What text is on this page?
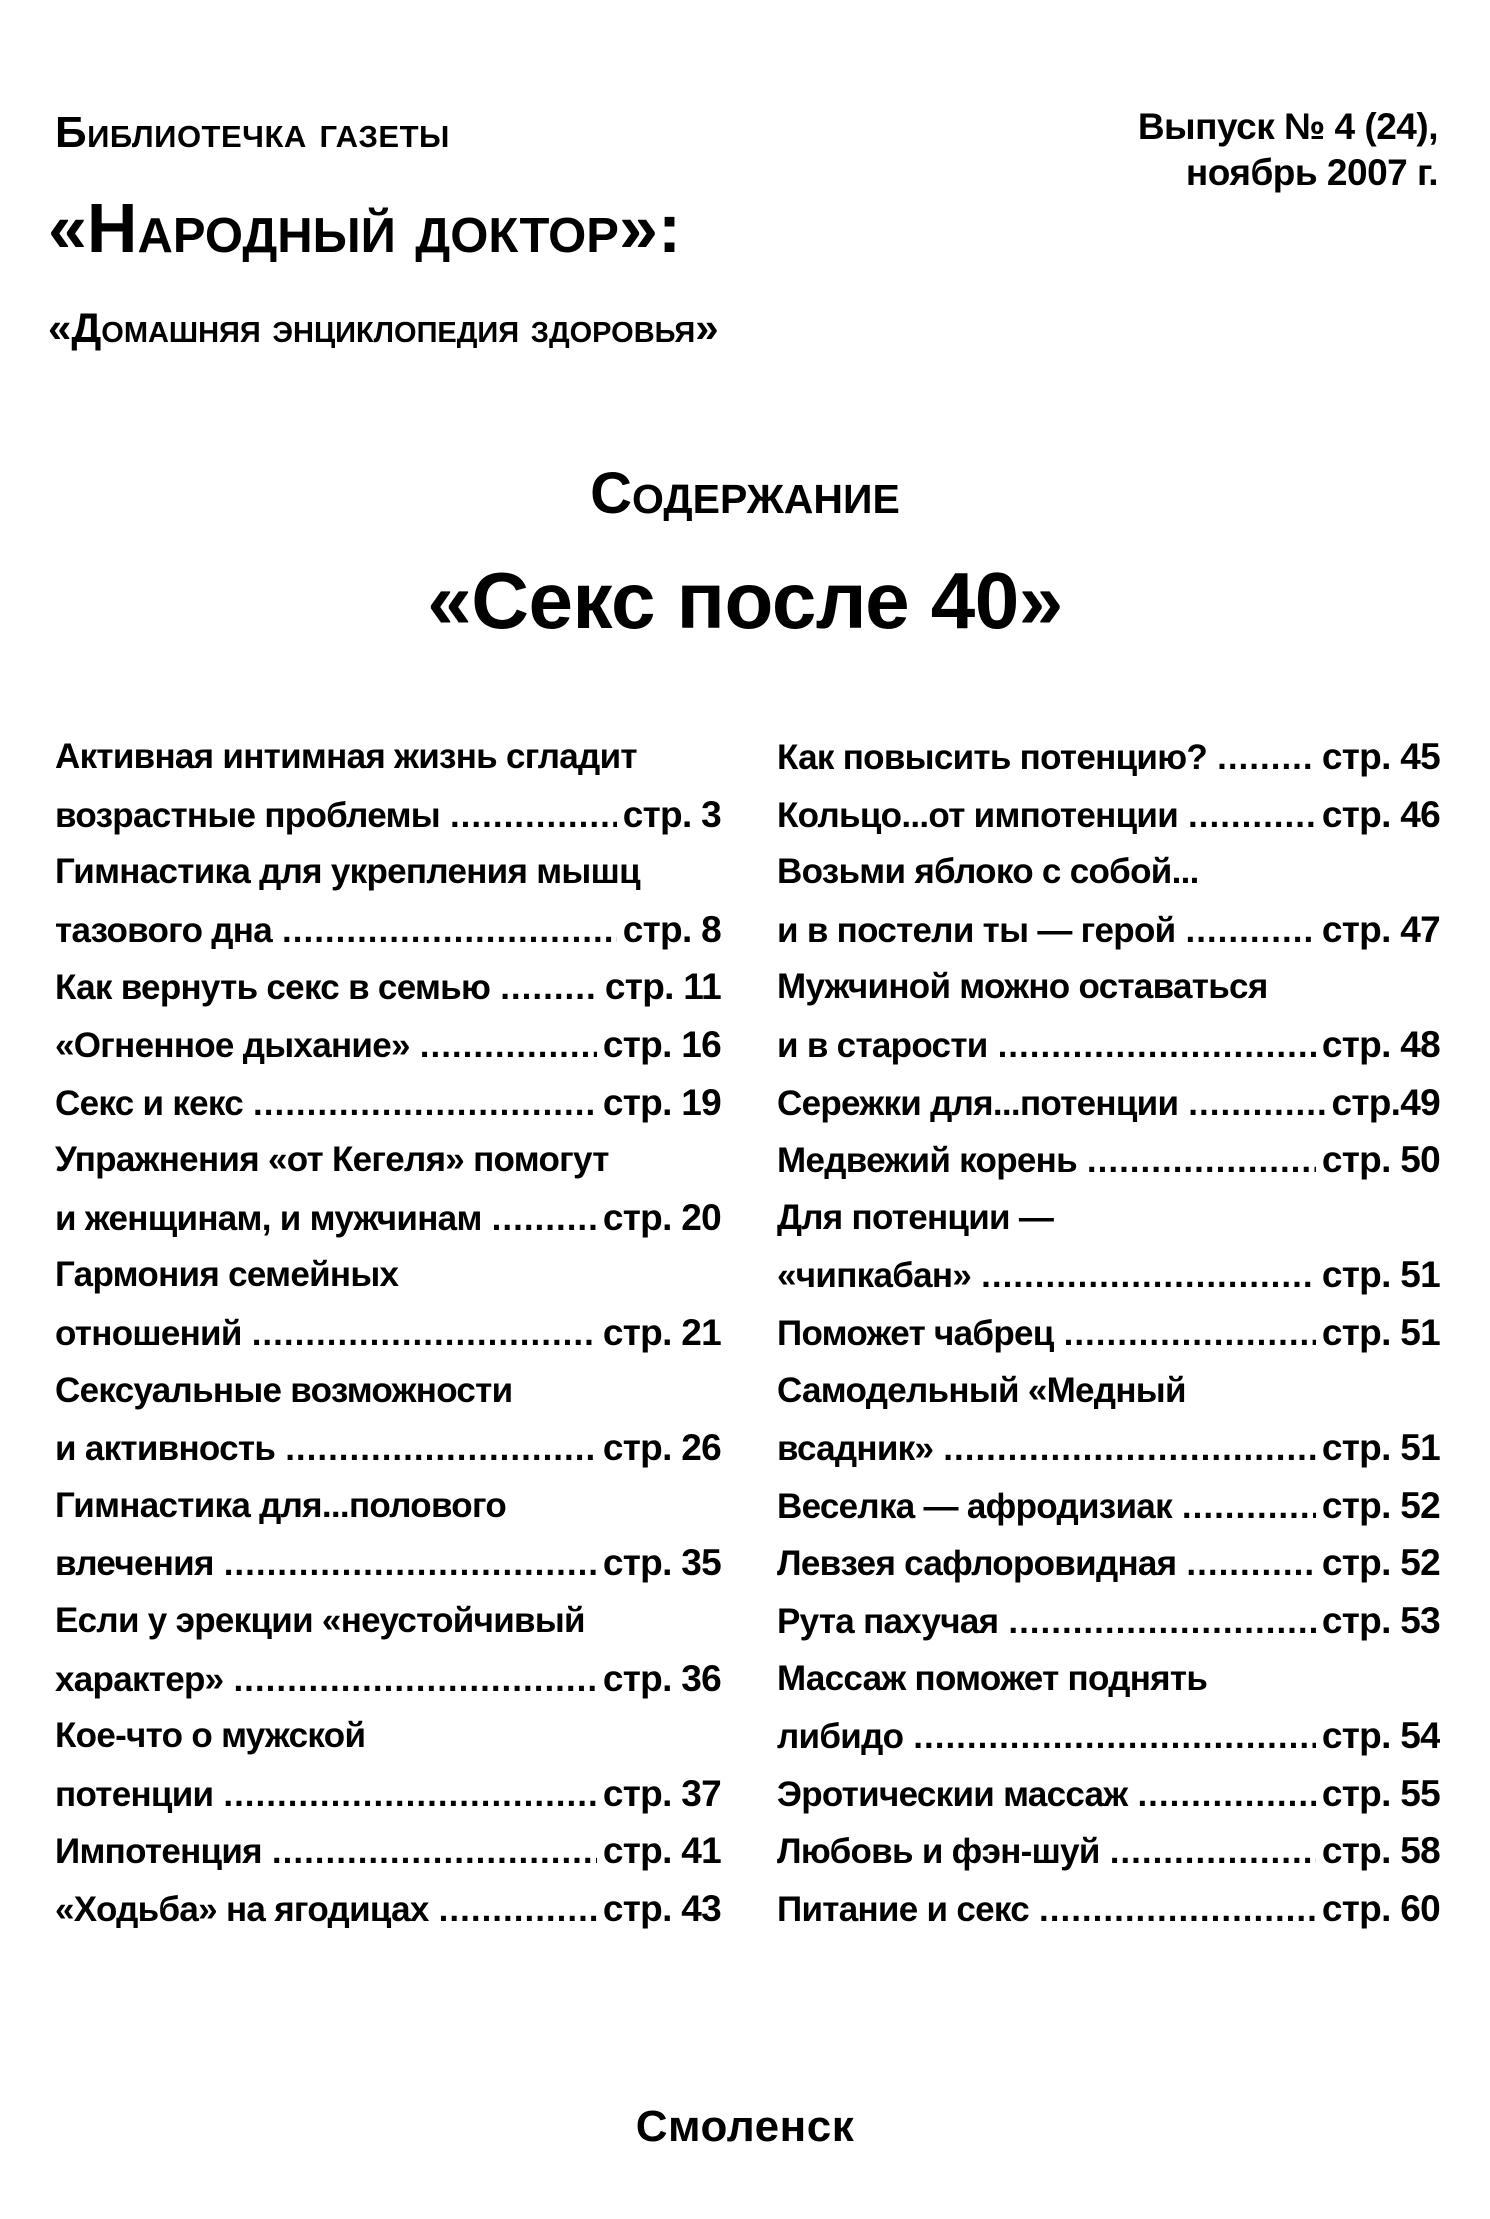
Библиотечка газеты
«Народный доктор»:
«Домашняя энциклопедия здоровья»
Выпуск № 4 (24),
ноябрь 2007 г.
Содержание
«Секс после 40»
Активная интимная жизнь сгладит
возрастные проблемы .....	стр. 3
Гимнастика для укрепления мышц
тазового дна .....	стр. 8
Как вернуть секс в семью .....	стр. 11
«Огненное дыхание» .....	стр. 16
Секс и кекс .....	стр. 19
Упражнения «от Кегеля» помогут
и женщинам, и мужчинам .....	стр. 20
Гармония семейных
отношений .....	стр. 21
Сексуальные возможности
и активность .....	стр. 26
Гимнастика для...полового
влечения .....	стр. 35
Если у эрекции «неустойчивый
характер» .....	стр. 36
Кое-что о мужской
потенции .....	стр. 37
Импотенция .....	стр. 41
«Ходьба» на ягодицах .....	стр. 43
Как повысить потенцию? .....	стр. 45
Кольцо...от импотенции .....	стр. 46
Возьми яблоко с собой...
и в постели ты — герой .....	стр. 47
Мужчиной можно оставаться
и в старости .....	стр. 48
Сережки для...потенции .....	стр.49
Медвежий корень .....	стр. 50
Для потенции —
«чипкабан» .....	стр. 51
Поможет чабрец .....	стр. 51
Самодельный «Медный
всадник» .....	стр. 51
Веселка — афродизиак .....	стр. 52
Левзея сафлоровидная .....	стр. 52
Рута пахучая .....	стр. 53
Массаж поможет поднять
либидо .....	стр. 54
Эротическии массаж .....	стр. 55
Любовь и фэн-шуй .....	стр. 58
Питание и секс .....	стр. 60
Смоленск
